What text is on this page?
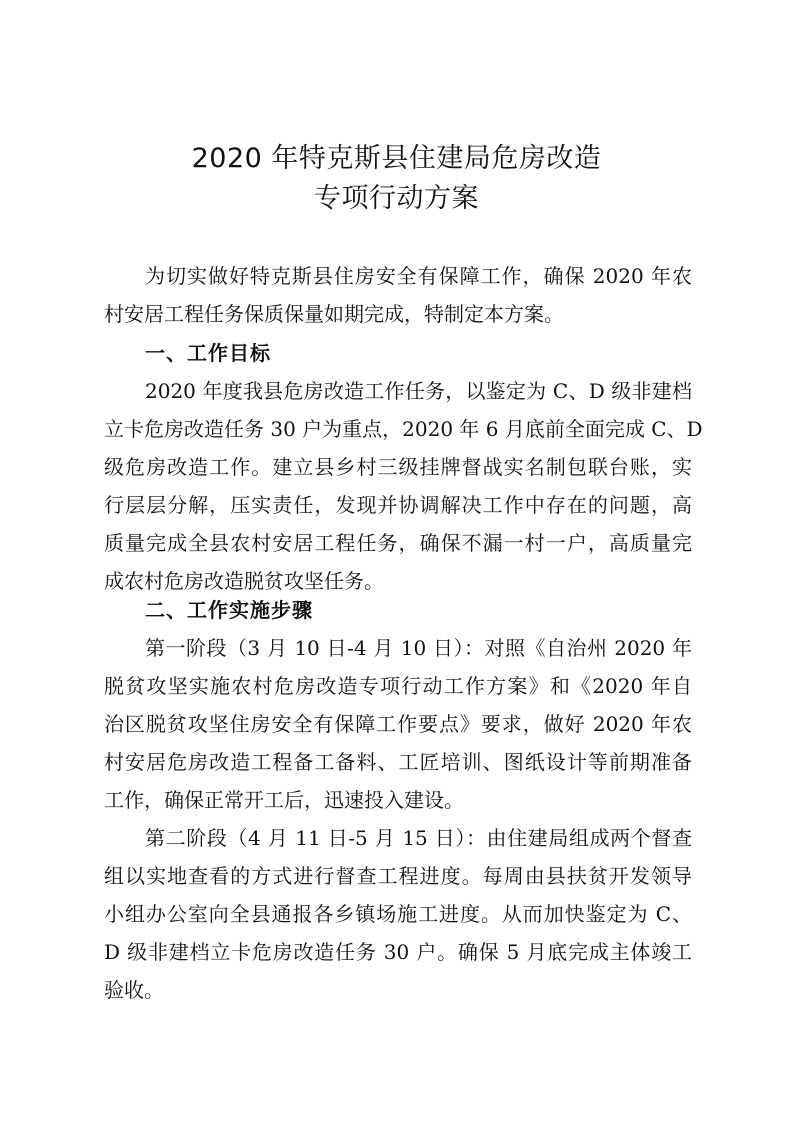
2020 年特克斯县住建局危房改造
专项行动方案
为切实做好特克斯县住房安全有保障工作，确保 2020 年农
村安居工程任务保质保量如期完成，特制定本方案。
一、工作目标
2020 年度我县危房改造工作任务，以鉴定为 C、D 级非建档
立卡危房改造任务 30 户为重点，2020 年 6 月底前全面完成 C、D
级危房改造工作。建立县乡村三级挂牌督战实名制包联台账，实
行层层分解，压实责任，发现并协调解决工作中存在的问题，高
质量完成全县农村安居工程任务，确保不漏一村一户，高质量完
成农村危房改造脱贫攻坚任务。
二、工作实施步骤
第一阶段（3 月 10 日-4 月 10 日）：对照《自治州 2020 年
脱贫攻坚实施农村危房改造专项行动工作方案》和《2020 年自
治区脱贫攻坚住房安全有保障工作要点》要求，做好 2020 年农
村安居危房改造工程备工备料、工匠培训、图纸设计等前期准备
工作，确保正常开工后，迅速投入建设。
第二阶段（4 月 11 日-5 月 15 日）：由住建局组成两个督查
组以实地查看的方式进行督查工程进度。每周由县扶贫开发领导
小组办公室向全县通报各乡镇场施工进度。从而加快鉴定为 C、
D 级非建档立卡危房改造任务 30 户。确保 5 月底完成主体竣工
验收。
